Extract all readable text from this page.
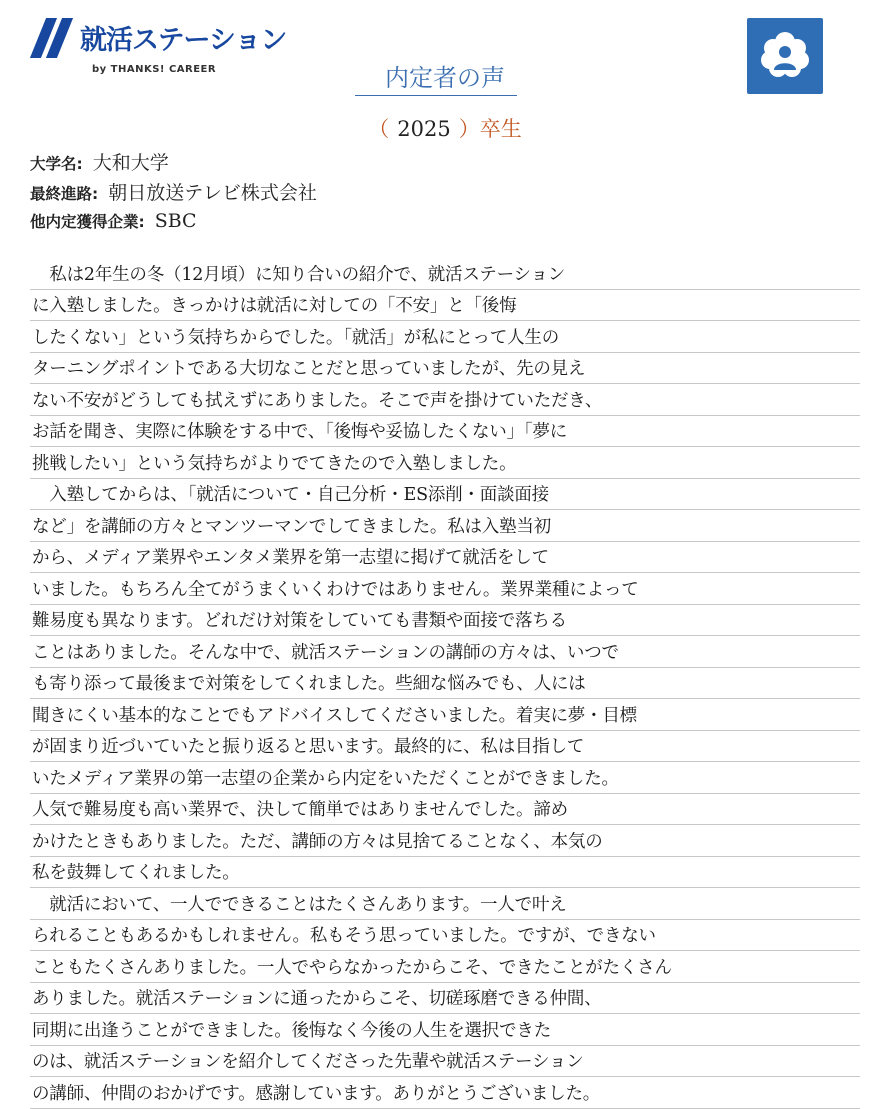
就活ステーション
by THANKS! CAREER	内定者の声
（ 2025 ）卒生
大学名: 大和大学
最終進路: 朝日放送テレビ株式会社
他内定獲得企業: SBC
　私は2年生の冬（12月頃）に知り合いの紹介で、就活ステーション
に入塾しました。きっかけは就活に対しての「不安」と「後悔
したくない」という気持ちからでした。「就活」が私にとって人生の
ターニングポイントである大切なことだと思っていましたが、先の見え
ない不安がどうしても拭えずにありました。そこで声を掛けていただき、
お話を聞き、実際に体験をする中で、「後悔や妥協したくない」「夢に
挑戦したい」という気持ちがよりでてきたので入塾しました。
　入塾してからは、「就活について・自己分析・ES添削・面談面接
など」を講師の方々とマンツーマンでしてきました。私は入塾当初
から、メディア業界やエンタメ業界を第一志望に掲げて就活をして
いました。もちろん全てがうまくいくわけではありません。業界業種によって
難易度も異なります。どれだけ対策をしていても書類や面接で落ちる
ことはありました。そんな中で、就活ステーションの講師の方々は、いつで
も寄り添って最後まで対策をしてくれました。些細な悩みでも、人には
聞きにくい基本的なことでもアドバイスしてくださいました。着実に夢・目標
が固まり近づいていたと振り返ると思います。最終的に、私は目指して
いたメディア業界の第一志望の企業から内定をいただくことができました。
人気で難易度も高い業界で、決して簡単ではありませんでした。諦め
かけたときもありました。ただ、講師の方々は見捨てることなく、本気の
私を鼓舞してくれました。
　就活において、一人でできることはたくさんあります。一人で叶え
られることもあるかもしれません。私もそう思っていました。ですが、できない
こともたくさんありました。一人でやらなかったからこそ、できたことがたくさん
ありました。就活ステーションに通ったからこそ、切磋琢磨できる仲間、
同期に出逢うことができました。後悔なく今後の人生を選択できた
のは、就活ステーションを紹介してくださった先輩や就活ステーション
の講師、仲間のおかげです。感謝しています。ありがとうございました。
